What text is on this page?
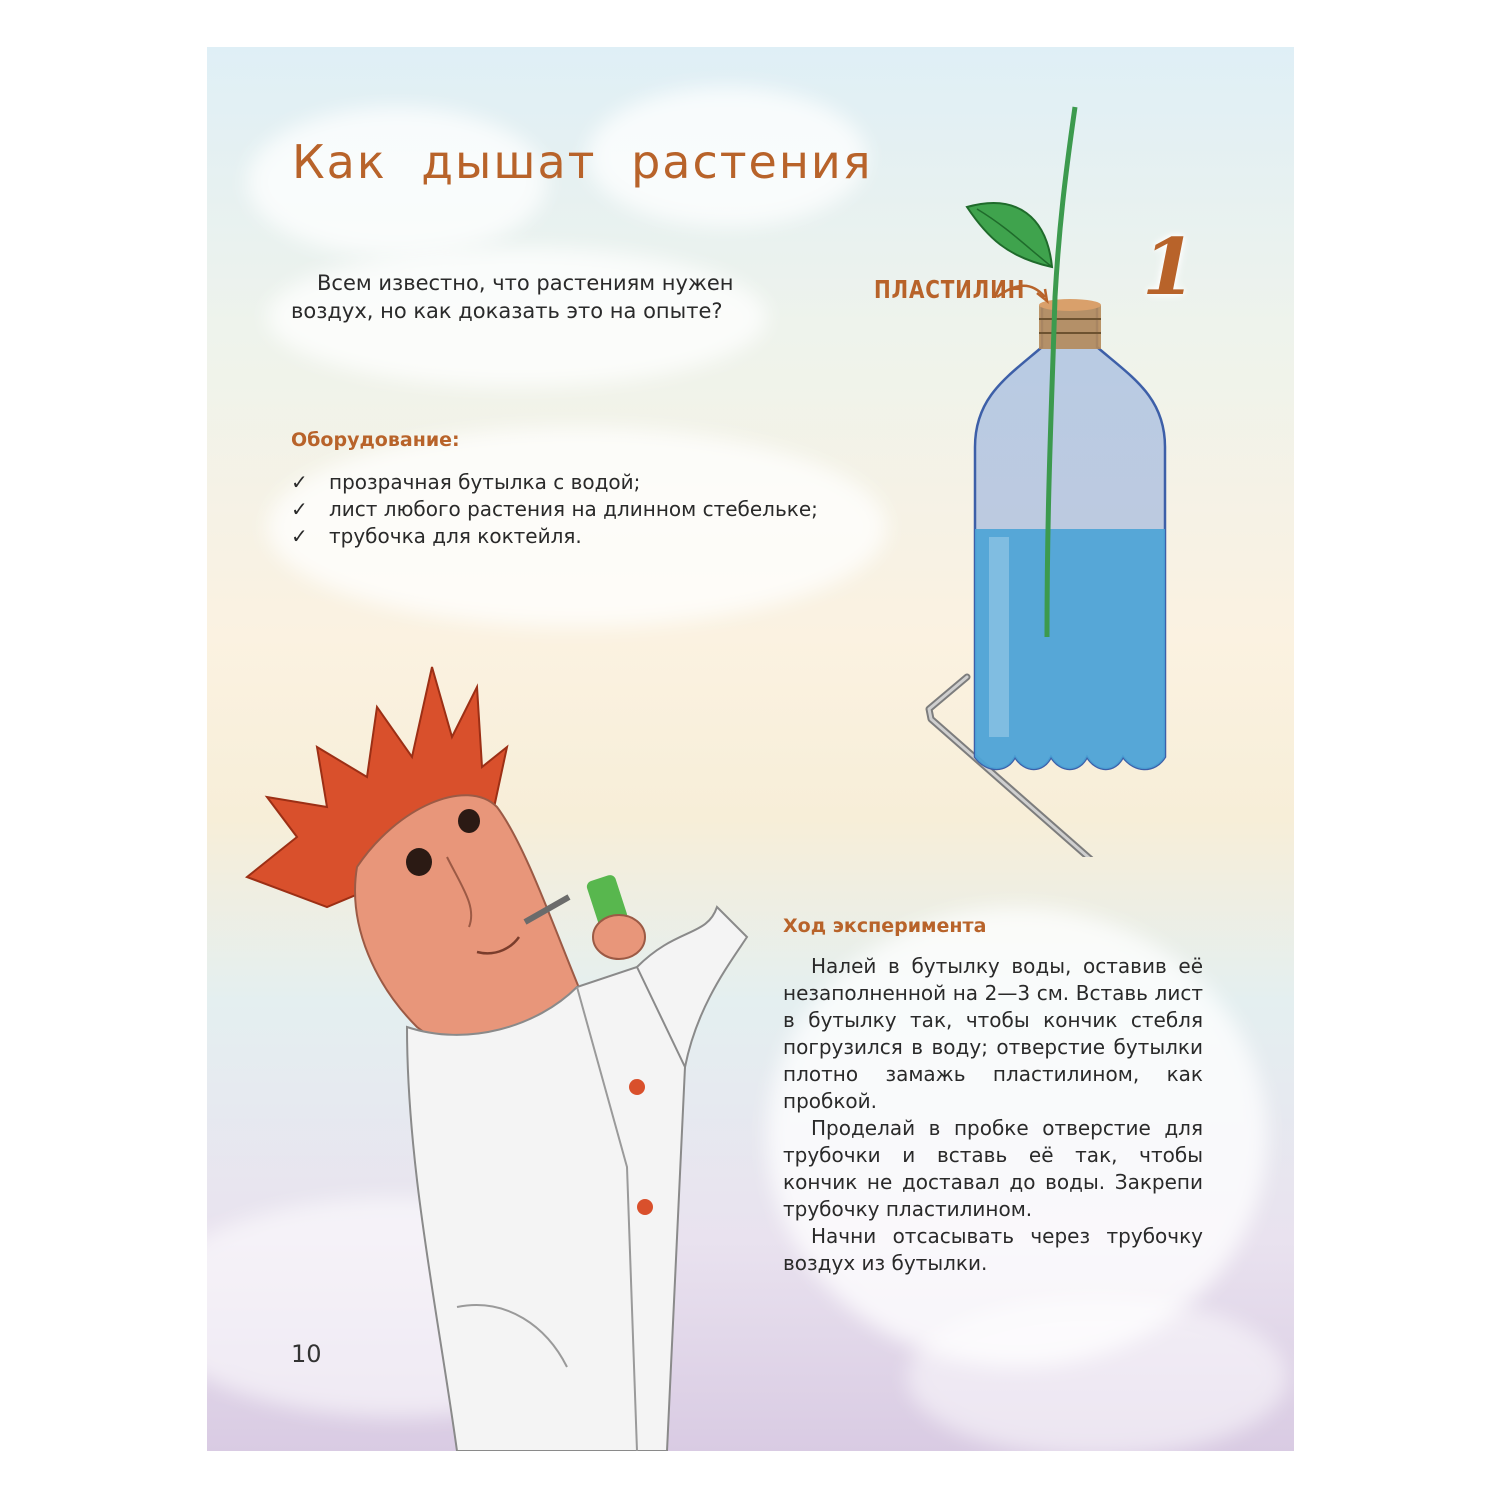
Как дышат растения

Всем известно, что растениям нужен воздух, но как доказать это на опыте?

Оборудование:
✓	прозрачная бутылка с водой;
✓	лист любого растения на длинном стебельке;
✓	трубочка для коктейля.
ПЛАСТИЛИН 1
Ход эксперимента

Налей в бутылку воды, оставив её незаполненной на 2—3 см. Вставь лист в бутылку так, чтобы кончик стебля погрузился в воду; отверстие бутылки плотно замажь пластилином, как пробкой.

Проделай в пробке отверстие для трубочки и вставь её так, чтобы кончик не доставал до воды. Закрепи трубочку пластилином.

Начни отсасывать через трубочку воздух из бутылки.

10
